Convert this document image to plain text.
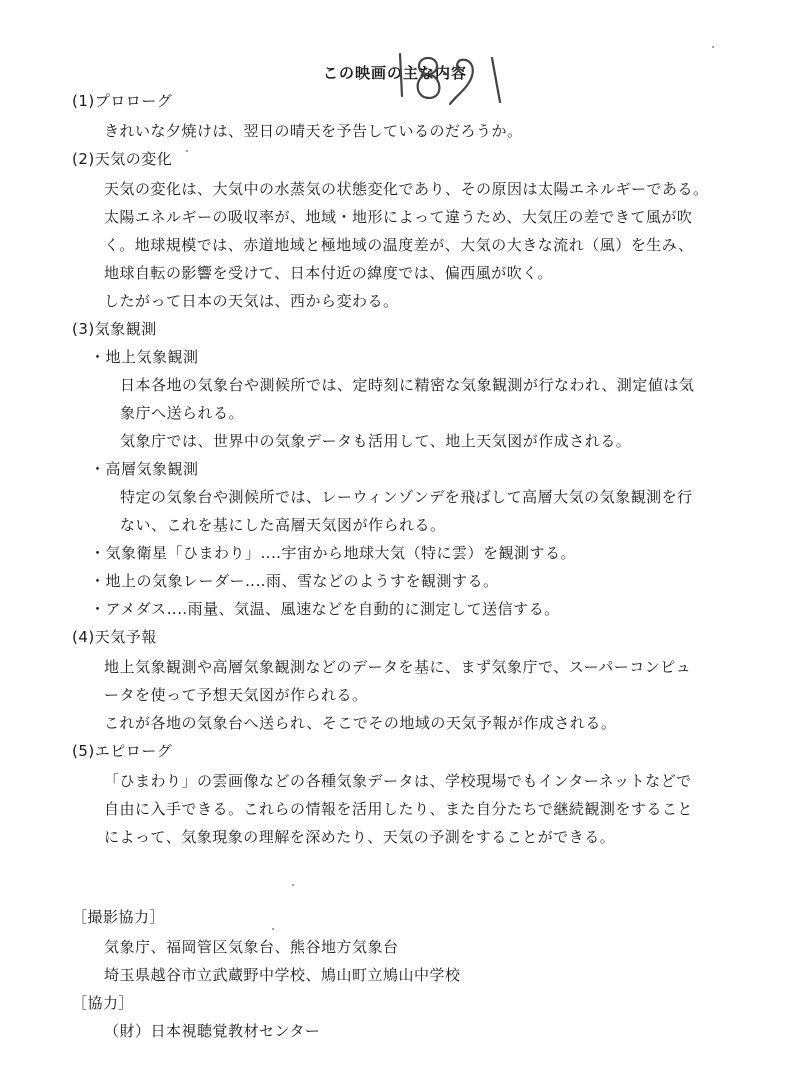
この映画の主な内容
(1)プロローグ
きれいな夕焼けは、翌日の晴天を予告しているのだろうか。
(2)天気の変化
天気の変化は、大気中の水蒸気の状態変化であり、その原因は太陽エネルギーである。
太陽エネルギーの吸収率が、地域・地形によって違うため、大気圧の差できて風が吹
く。地球規模では、赤道地域と極地域の温度差が、大気の大きな流れ（風）を生み、
地球自転の影響を受けて、日本付近の緯度では、偏西風が吹く。
したがって日本の天気は、西から変わる。
(3)気象観測
・地上気象観測
日本各地の気象台や測候所では、定時刻に精密な気象観測が行なわれ、測定値は気
象庁へ送られる。
気象庁では、世界中の気象データも活用して、地上天気図が作成される。
・高層気象観測
特定の気象台や測候所では、レーウィンゾンデを飛ばして高層大気の気象観測を行
ない、これを基にした高層天気図が作られる。
・気象衛星「ひまわり」‥‥宇宙から地球大気（特に雲）を観測する。
・地上の気象レーダー‥‥雨、雪などのようすを観測する。
・アメダス‥‥雨量、気温、風速などを自動的に測定して送信する。
(4)天気予報
地上気象観測や高層気象観測などのデータを基に、まず気象庁で、スーパーコンピュ
ータを使って予想天気図が作られる。
これが各地の気象台へ送られ、そこでその地域の天気予報が作成される。
(5)エピローグ
「ひまわり」の雲画像などの各種気象データは、学校現場でもインターネットなどで
自由に入手できる。これらの情報を活用したり、また自分たちで継続観測をすること
によって、気象現象の理解を深めたり、天気の予測をすることができる。
［撮影協力］
気象庁、福岡管区気象台、熊谷地方気象台
埼玉県越谷市立武蔵野中学校、鳩山町立鳩山中学校
［協力］
（財）日本視聴覚教材センター
